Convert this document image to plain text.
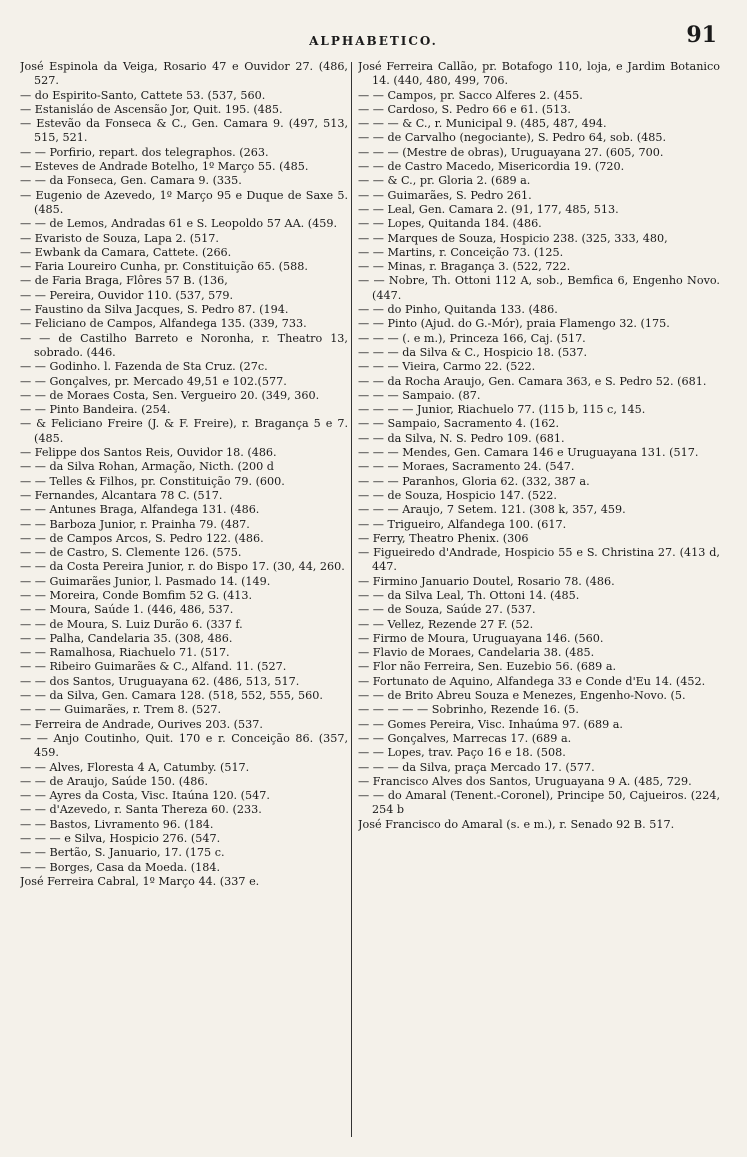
ALPHABETICO.	91

José Espinola da Veiga, Rosario 47 e Ouvidor 27. (486, 527.

— do Espirito-Santo, Cattete 53. (537, 560.

— Estanisláo de Ascensão Jor, Quit. 195. (485.

— Estevão da Fonseca & C., Gen. Camara 9. (497, 513, 515, 521.

— — Porfirio, repart. dos telegraphos. (263.

— Esteves de Andrade Botelho, 1º Março 55. (485.

— — da Fonseca, Gen. Camara 9. (335.

— Eugenio de Azevedo, 1º Março 95 e Duque de Saxe 5. (485.

— — de Lemos, Andradas 61 e S. Leopoldo 57 AA. (459.

— Evaristo de Souza, Lapa 2. (517.

— Ewbank da Camara, Cattete. (266.

— Faria Loureiro Cunha, pr. Constituição 65. (588.

— de Faria Braga, Flôres 57 B. (136,

— — Pereira, Ouvidor 110. (537, 579.

— Faustino da Silva Jacques, S. Pedro 87. (194.

— Feliciano de Campos, Alfandega 135. (339, 733.

— — de Castilho Barreto e Noronha, r. Theatro 13, sobrado. (446.

— — Godinho. l. Fazenda de Sta Cruz. (27c.

— — Gonçalves, pr. Mercado 49,51 e 102.(577.

— — de Moraes Costa, Sen. Vergueiro 20. (349, 360.

— — Pinto Bandeira. (254.

— & Feliciano Freire (J. & F. Freire), r. Bragança 5 e 7. (485.

— Felippe dos Santos Reis, Ouvidor 18. (486.

— — da Silva Rohan, Armação, Nicth. (200 d

— — Telles & Filhos, pr. Constituição 79. (600.

— Fernandes, Alcantara 78 C. (517.

— — Antunes Braga, Alfandega 131. (486.

— — Barboza Junior, r. Prainha 79. (487.

— — de Campos Arcos, S. Pedro 122. (486.

— — de Castro, S. Clemente 126. (575.

— — da Costa Pereira Junior, r. do Bispo 17. (30, 44, 260.

— — Guimarães Junior, l. Pasmado 14. (149.

— — Moreira, Conde Bomfim 52 G. (413.

— — Moura, Saúde 1. (446, 486, 537.

— — de Moura, S. Luiz Durão 6. (337 f.

— — Palha, Candelaria 35. (308, 486.

— — Ramalhosa, Riachuelo 71. (517.

— — Ribeiro Guimarães & C., Alfand. 11. (527.

— — dos Santos, Uruguayana 62. (486, 513, 517.

— — da Silva, Gen. Camara 128. (518, 552, 555, 560.

— — — Guimarães, r. Trem 8. (527.

— Ferreira de Andrade, Ourives 203. (537.

— — Anjo Coutinho, Quit. 170 e r. Conceição 86. (357, 459.

— — Alves, Floresta 4 A, Catumby. (517.

— — de Araujo, Saúde 150. (486.

— — Ayres da Costa, Visc. Itaúna 120. (547.

— — d'Azevedo, r. Santa Thereza 60. (233.

— — Bastos, Livramento 96. (184.

— — — e Silva, Hospicio 276. (547.

— — Bertão, S. Januario, 17. (175 c.

— — Borges, Casa da Moeda. (184.

José Ferreira Cabral, 1º Março 44. (337 e.

José Ferreira Callão, pr. Botafogo 110, loja, e Jardim Botanico 14. (440, 480, 499, 706.

— — Campos, pr. Sacco Alferes 2. (455.

— — Cardoso, S. Pedro 66 e 61. (513.

— — — & C., r. Municipal 9. (485, 487, 494.

— — de Carvalho (negociante), S. Pedro 64, sob. (485.

— — — (Mestre de obras), Uruguayana 27. (605, 700.

— — de Castro Macedo, Misericordia 19. (720.

— — & C., pr. Gloria 2. (689 a.

— — Guimarães, S. Pedro 261.

— — Leal, Gen. Camara 2. (91, 177, 485, 513.

— — Lopes, Quitanda 184. (486.

— — Marques de Souza, Hospicio 238. (325, 333, 480,

— — Martins, r. Conceição 73. (125.

— — Minas, r. Bragança 3. (522, 722.

— — Nobre, Th. Ottoni 112 A, sob., Bemfica 6, Engenho Novo. (447.

— — do Pinho, Quitanda 133. (486.

— — Pinto (Ajud. do G.-Mór), praia Flamengo 32. (175.

— — — (. e m.), Princeza 166, Caj. (517.

— — — da Silva & C., Hospicio 18. (537.

— — — Vieira, Carmo 22. (522.

— — da Rocha Araujo, Gen. Camara 363, e S. Pedro 52. (681.

— — — Sampaio. (87.

— — — — Junior, Riachuelo 77. (115 b, 115 c, 145.

— — Sampaio, Sacramento 4. (162.

— — da Silva, N. S. Pedro 109. (681.

— — — Mendes, Gen. Camara 146 e Uruguayana 131. (517.

— — — Moraes, Sacramento 24. (547.

— — — Paranhos, Gloria 62. (332, 387 a.

— — de Souza, Hospicio 147. (522.

— — — Araujo, 7 Setem. 121. (308 k, 357, 459.

— — Trigueiro, Alfandega 100. (617.

— Ferry, Theatro Phenix. (306

— Figueiredo d'Andrade, Hospicio 55 e S. Christina 27. (413 d, 447.

— Firmino Januario Doutel, Rosario 78. (486.

— — da Silva Leal, Th. Ottoni 14. (485.

— — de Souza, Saúde 27. (537.

— — Vellez, Rezende 27 F. (52.

— Firmo de Moura, Uruguayana 146. (560.

— Flavio de Moraes, Candelaria 38. (485.

— Flor não Ferreira, Sen. Euzebio 56. (689 a.

— Fortunato de Aquino, Alfandega 33 e Conde d'Eu 14. (452.

— — de Brito Abreu Souza e Menezes, Engenho-Novo. (5.

— — — — — Sobrinho, Rezende 16. (5.

— — Gomes Pereira, Visc. Inhaúma 97. (689 a.

— — Gonçalves, Marrecas 17. (689 a.

— — Lopes, trav. Paço 16 e 18. (508.

— — — da Silva, praça Mercado 17. (577.

— Francisco Alves dos Santos, Uruguayana 9 A. (485, 729.

— — do Amaral (Tenent.-Coronel), Principe 50, Cajueiros. (224, 254 b

José Francisco do Amaral (s. e m.), r. Senado 92 B. 517.
